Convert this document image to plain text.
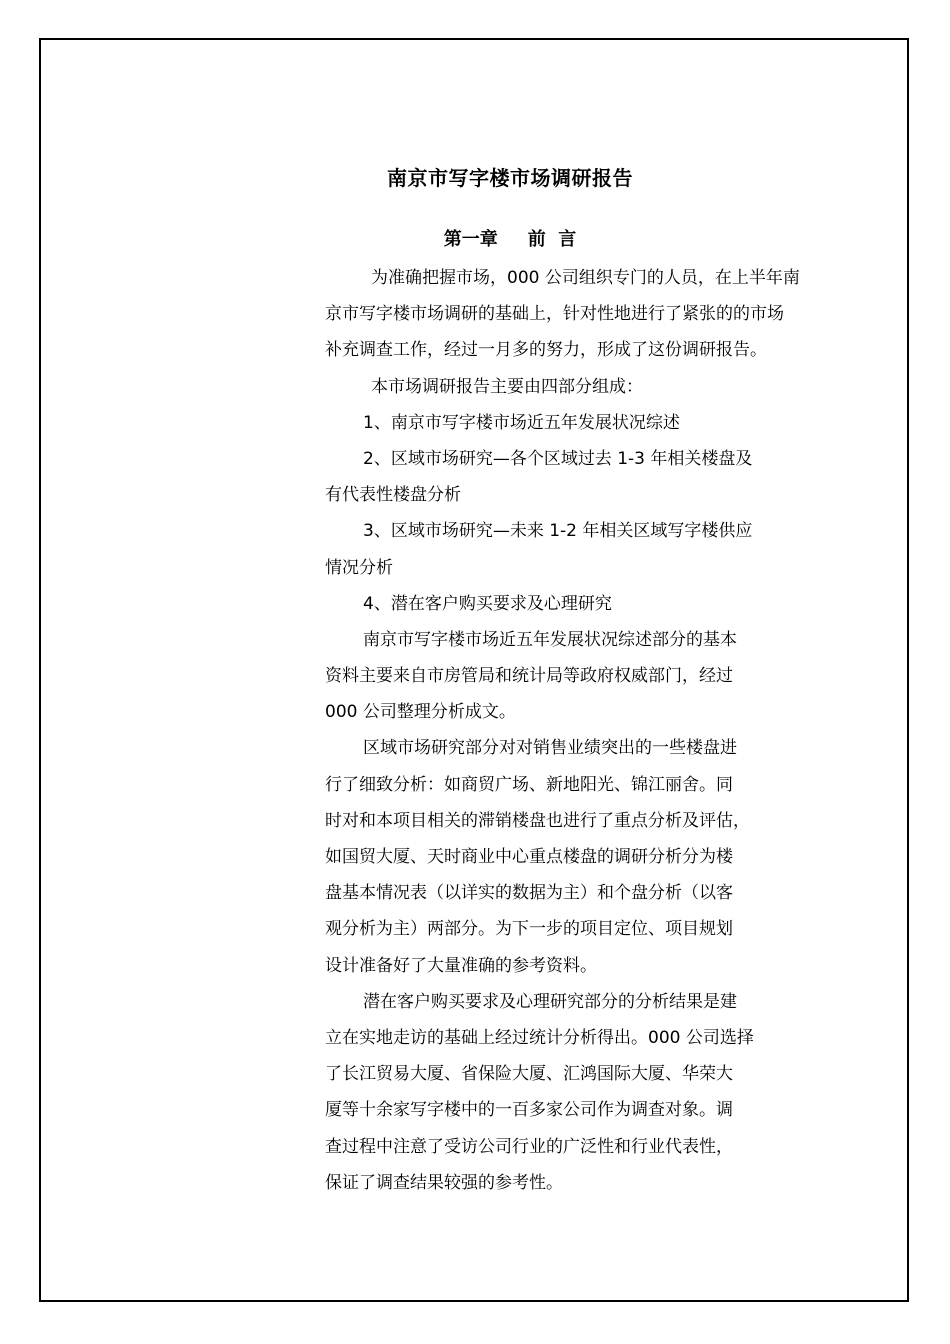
南京市写字楼市场调研报告
第一章 前  言
为准确把握市场，000 公司组织专门的人员，在上半年南
京市写字楼市场调研的基础上，针对性地进行了紧张的的市场
补充调查工作，经过一月多的努力，形成了这份调研报告。
本市场调研报告主要由四部分组成：
1、南京市写字楼市场近五年发展状况综述
2、区域市场研究—各个区域过去 1-3 年相关楼盘及
有代表性楼盘分析
3、区域市场研究—未来 1-2 年相关区域写字楼供应
情况分析
4、潜在客户购买要求及心理研究
南京市写字楼市场近五年发展状况综述部分的基本
资料主要来自市房管局和统计局等政府权威部门，经过
000 公司整理分析成文。
区域市场研究部分对对销售业绩突出的一些楼盘进
行了细致分析：如商贸广场、新地阳光、锦江丽舍。同
时对和本项目相关的滞销楼盘也进行了重点分析及评估，
如国贸大厦、天时商业中心重点楼盘的调研分析分为楼
盘基本情况表（以详实的数据为主）和个盘分析（以客
观分析为主）两部分。为下一步的项目定位、项目规划
设计准备好了大量准确的参考资料。
潜在客户购买要求及心理研究部分的分析结果是建
立在实地走访的基础上经过统计分析得出。000 公司选择
了长江贸易大厦、省保险大厦、汇鸿国际大厦、华荣大
厦等十余家写字楼中的一百多家公司作为调查对象。调
查过程中注意了受访公司行业的广泛性和行业代表性，
保证了调查结果较强的参考性。
